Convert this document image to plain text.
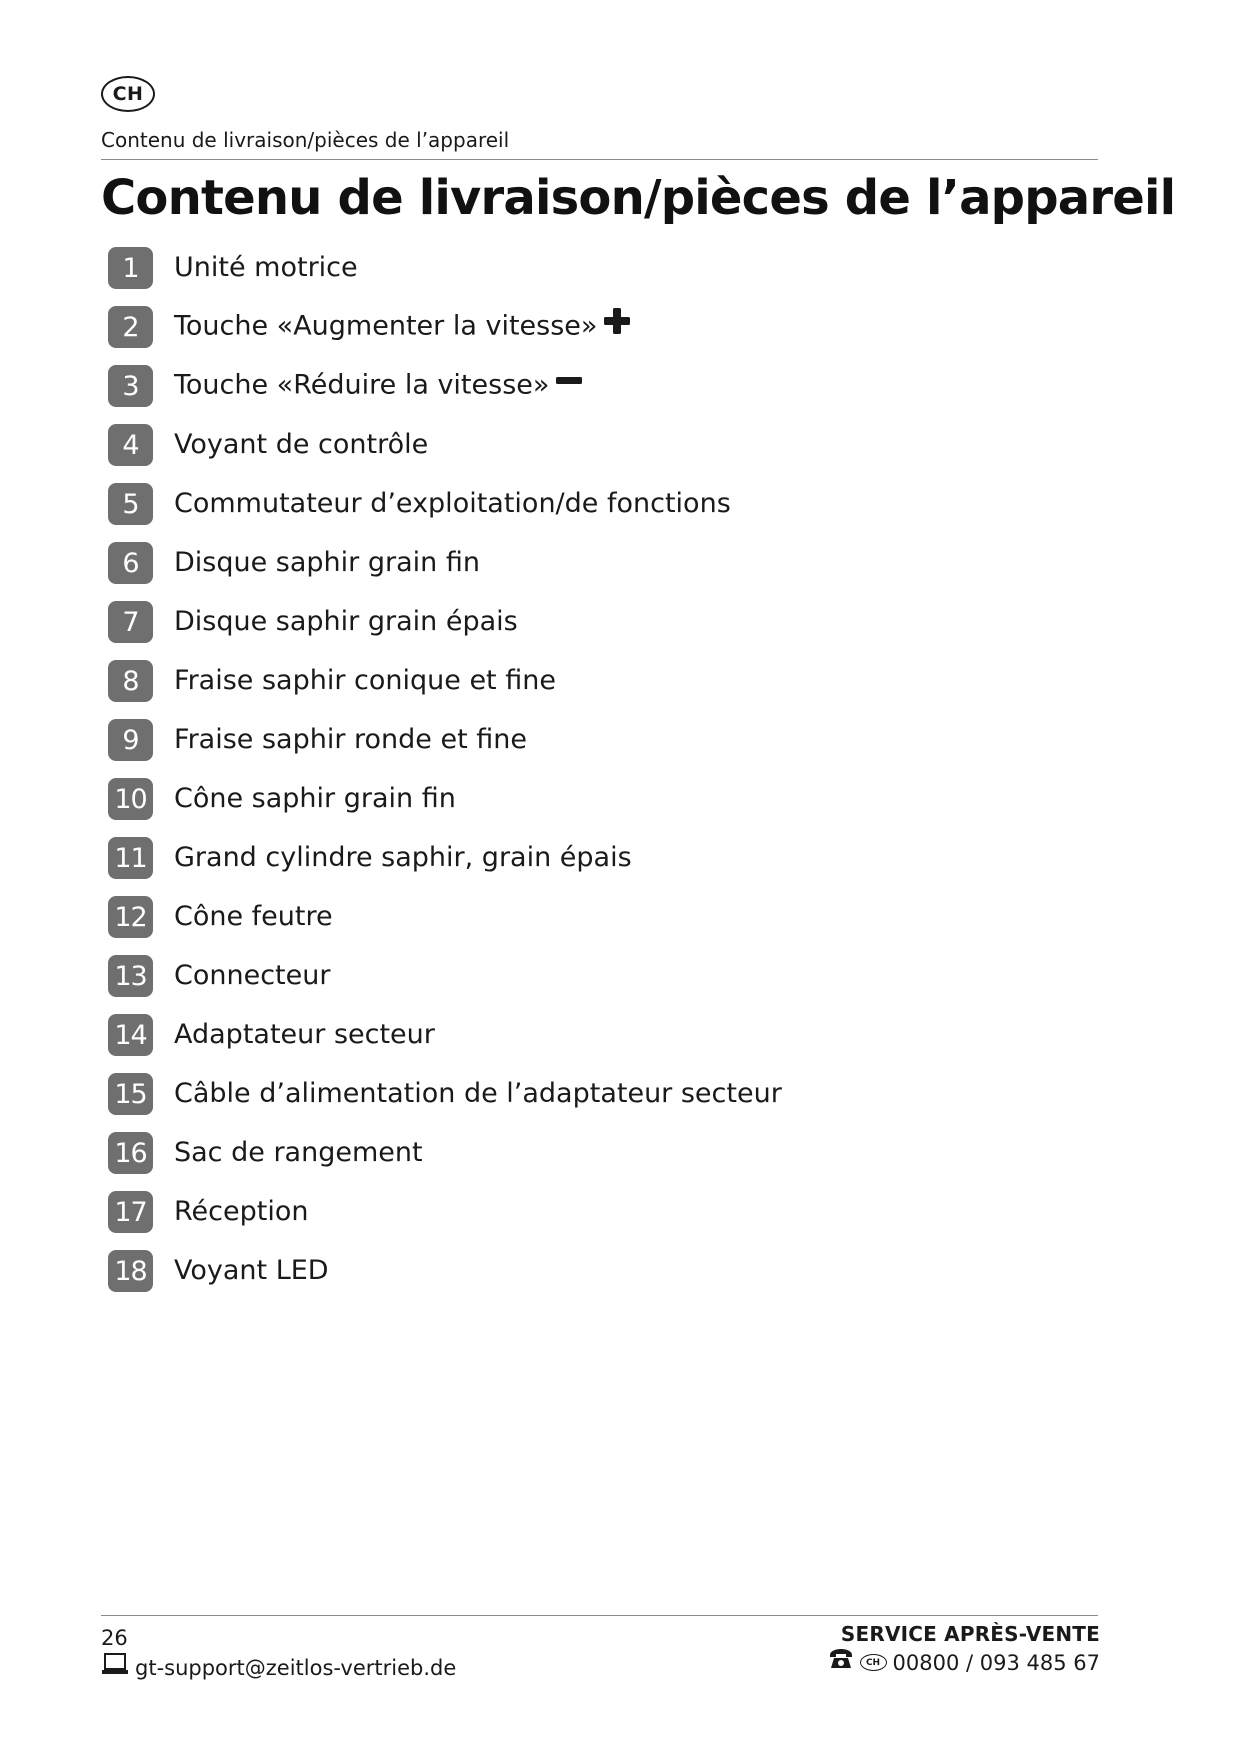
CH
Contenu de livraison/pièces de l’appareil
Contenu de livraison/pièces de l’appareil
1	Unité motrice
2	Touche «Augmenter la vitesse»
3	Touche «Réduire la vitesse»
4	Voyant de contrôle
5	Commutateur d’exploitation/de fonctions
6	Disque saphir grain fin
7	Disque saphir grain épais
8	Fraise saphir conique et fine
9	Fraise saphir ronde et fine
10 Cône saphir grain fin
11 Grand cylindre saphir, grain épais
12 Cône feutre
13 Connecteur
14 Adaptateur secteur
15 Câble d’alimentation de l’adaptateur secteur
16 Sac de rangement
17 Réception
18 Voyant LED
26
gt-support@zeitlos-vertrieb.de
SERVICE APRÈS-VENTE
CH 00800 / 093 485 67
